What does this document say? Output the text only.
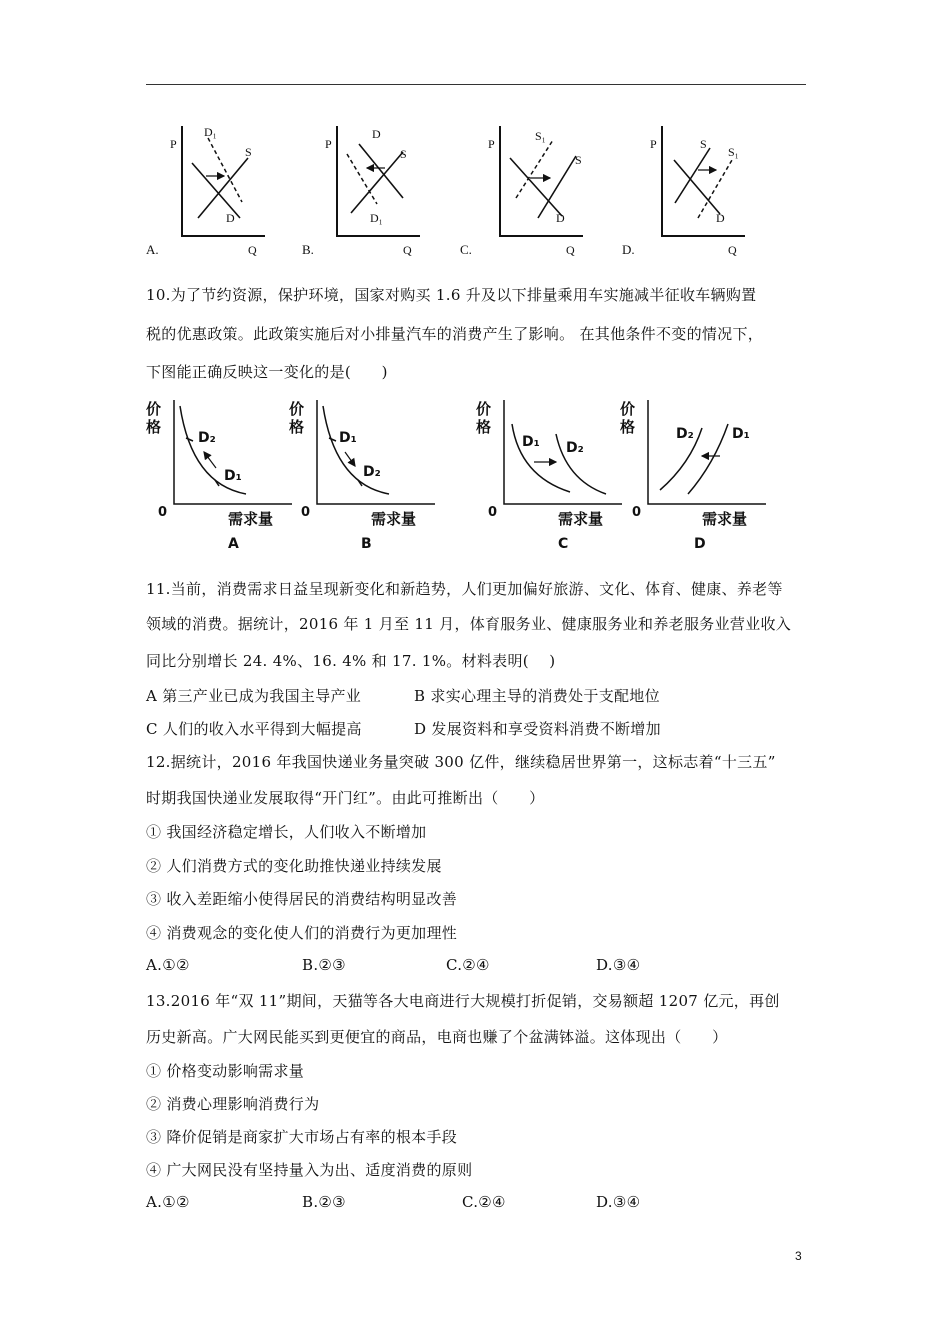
P
Q
D₁
S
D
P
Q
D
S
D₁
P
Q
S₁
S
D
P
Q
S
S₁
D
A.	B.	C.	D.
10.为了节约资源，保护环境，国家对购买 1.6 升及以下排量乘用车实施减半征收车辆购置
税的优惠政策。此政策实施后对小排量汽车的消费产生了影响。 在其他条件不变的情况下，
下图能正确反映这一变化的是(　　)
价
格
0	需求量
A
D₂
D₁
价
格
0	需求量
B
D₁
D₂
价
格
0	需求量
C
D₁ D₂
价
格
0	需求量
D
D₂	D₁
11.当前，消费需求日益呈现新变化和新趋势，人们更加偏好旅游、文化、体育、健康、养老等
领域的消费。据统计，2016 年 1 月至 11 月，体育服务业、健康服务业和养老服务业营业收入
同比分别增长 24. 4%、16. 4% 和 17. 1%。材料表明(　 )
A 第三产业已成为我国主导产业	B 求实心理主导的消费处于支配地位
C 人们的收入水平得到大幅提高	D 发展资料和享受资料消费不断增加
12.据统计，2016 年我国快递业务量突破 300 亿件，继续稳居世界第一，这标志着“十三五”
时期我国快递业发展取得“开门红”。由此可推断出（　　）
① 我国经济稳定增长，人们收入不断增加
② 人们消费方式的变化助推快递业持续发展
③ 收入差距缩小使得居民的消费结构明显改善
④ 消费观念的变化使人们的消费行为更加理性
A.①②	B.②③	C.②④	D.③④
13.2016 年“双 11”期间，天猫等各大电商进行大规模打折促销，交易额超 1207 亿元，再创
历史新高。广大网民能买到更便宜的商品，电商也赚了个盆满钵溢。这体现出（　　）
① 价格变动影响需求量
② 消费心理影响消费行为
③ 降价促销是商家扩大市场占有率的根本手段
④ 广大网民没有坚持量入为出、适度消费的原则
A.①②	B.②③	C.②④	D.③④
3
